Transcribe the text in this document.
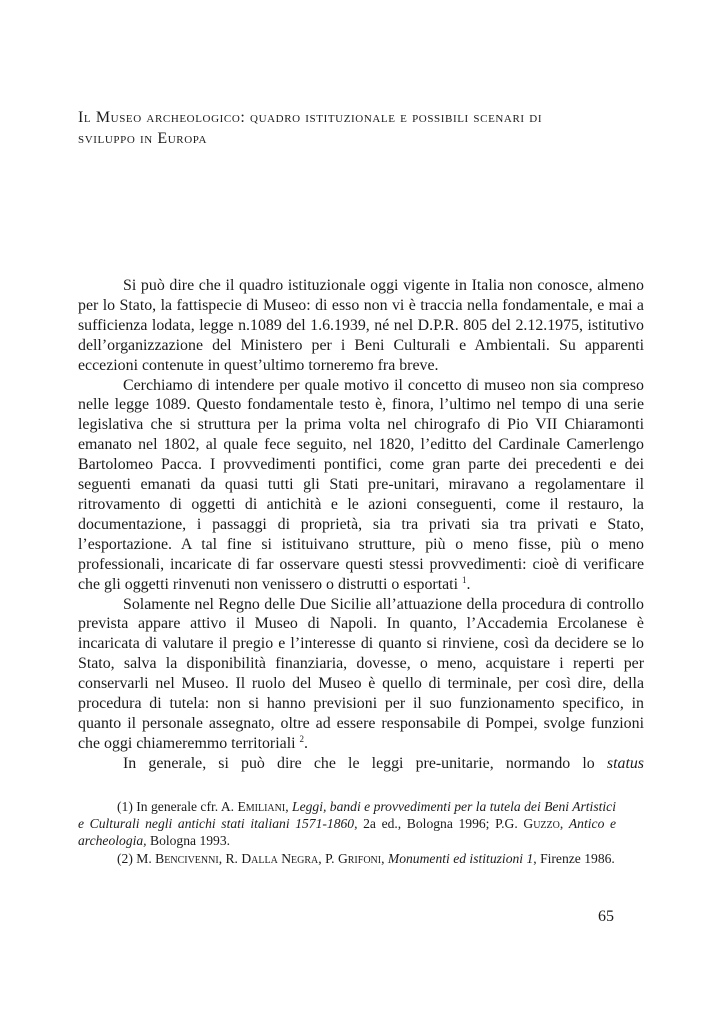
Il Museo archeologico: quadro istituzionale e possibili scenari di
sviluppo in Europa

Si può dire che il quadro istituzionale oggi vigente in Italia non conosce, almeno per lo Stato, la fattispecie di Museo: di esso non vi è traccia nella fondamentale, e mai a sufficienza lodata, legge n.1089 del 1.6.1939, né nel D.P.R. 805 del 2.12.1975, istitutivo dell’organizzazione del Ministero per i Beni Culturali e Ambientali. Su apparenti eccezioni contenute in quest’ultimo torneremo fra breve.

Cerchiamo di intendere per quale motivo il concetto di museo non sia compreso nelle legge 1089. Questo fondamentale testo è, finora, l’ultimo nel tempo di una serie legislativa che si struttura per la prima volta nel chirografo di Pio VII Chiaramonti emanato nel 1802, al quale fece seguito, nel 1820, l’editto del Cardinale Camerlengo Bartolomeo Pacca. I provvedimenti pontifici, come gran parte dei precedenti e dei seguenti emanati da quasi tutti gli Stati pre-unitari, miravano a regolamentare il ritrovamento di oggetti di antichità e le azioni conseguenti, come il restauro, la documentazione, i passaggi di proprietà, sia tra privati sia tra privati e Stato, l’esportazione. A tal fine si istituivano strutture, più o meno fisse, più o meno professionali, incaricate di far osservare questi stessi provvedimenti: cioè di verificare che gli oggetti rinvenuti non venissero o distrutti o esportati $^1$.

Solamente nel Regno delle Due Sicilie all’attuazione della procedura di controllo prevista appare attivo il Museo di Napoli. In quanto, l’Accademia Ercolanese è incaricata di valutare il pregio e l’interesse di quanto si rinviene, così da decidere se lo Stato, salva la disponibilità finanziaria, dovesse, o meno, acquistare i reperti per conservarli nel Museo. Il ruolo del Museo è quello di terminale, per così dire, della procedura di tutela: non si hanno previsioni per il suo funzionamento specifico, in quanto il personale assegnato, oltre ad essere responsabile di Pompei, svolge funzioni che oggi chiameremmo territoriali $^2$.

In generale, si può dire che le leggi pre-unitarie, normando lo status

(1) In generale cfr. A. Emiliani, Leggi, bandi e provvedimenti per la tutela dei Beni Artistici e Culturali negli antichi stati italiani 1571-1860, 2a ed., Bologna 1996; P.G. Guzzo, Antico e archeologia, Bologna 1993.

(2) M. Bencivenni, R. Dalla Negra, P. Grifoni, Monumenti ed istituzioni 1, Firenze 1986.

65
